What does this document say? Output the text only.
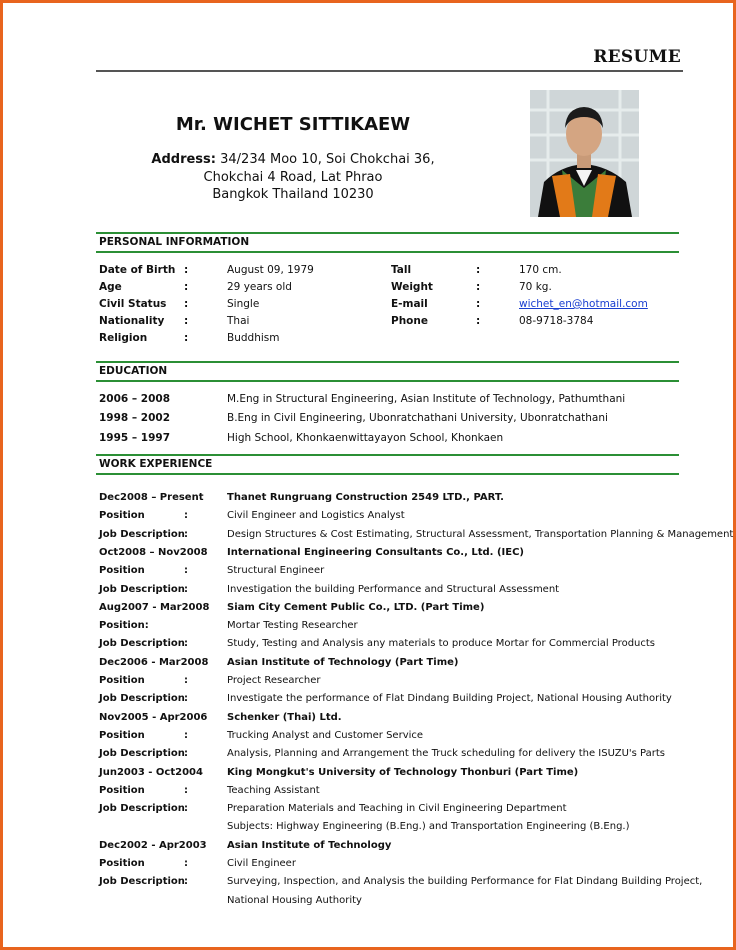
RESUME
Mr. WICHET SITTIKAEW
Address: 34/234 Moo 10, Soi Chokchai 36,
Chokchai 4 Road, Lat Phrao
Bangkok Thailand 10230
PERSONAL INFORMATION
Date of Birth :	August 09, 1979
Age	:	29 years old
Civil Status :	Single
Nationality :	Thai
Religion	:	Buddhism
Tall	:	170 cm.
Weight	:	70 kg.
E-mail	:	wichet_en@hotmail.com
Phone	:	08-9718-3784
EDUCATION
2006 – 2008	M.Eng in Structural Engineering, Asian Institute of Technology, Pathumthani
1998 – 2002	B.Eng in Civil Engineering, Ubonratchathani University, Ubonratchathani
1995 – 1997	High School, Khonkaenwittayayon School, Khonkaen
WORK EXPERIENCE
Dec2008 – Present Thanet Rungruang Construction 2549 LTD., PART.
Position	:	Civil Engineer and Logistics Analyst
Job Description :	Design Structures & Cost Estimating, Structural Assessment, Transportation Planning & Management
Oct2008 – Nov2008 International Engineering Consultants Co., Ltd. (IEC)
Position	:	Structural Engineer
Job Description :	Investigation the building Performance and Structural Assessment
Aug2007 - Mar2008 Siam City Cement Public Co., LTD. (Part Time)
Position:	Mortar Testing Researcher
Job Description :	Study, Testing and Analysis any materials to produce Mortar for Commercial Products
Dec2006 - Mar2008 Asian Institute of Technology (Part Time)
Position	:	Project Researcher
Job Description :	Investigate the performance of Flat Dindang Building Project, National Housing Authority
Nov2005 - Apr2006 Schenker (Thai) Ltd.
Position	:	Trucking Analyst and Customer Service
Job Description :	Analysis, Planning and Arrangement the Truck scheduling for delivery the ISUZU's Parts
Jun2003 - Oct2004 King Mongkut's University of Technology Thonburi (Part Time)
Position	:	Teaching Assistant
Job Description :	Preparation Materials and Teaching in Civil Engineering Department
Subjects: Highway Engineering (B.Eng.) and Transportation Engineering (B.Eng.)
Dec2002 - Apr2003 Asian Institute of Technology
Position	:	Civil Engineer
Job Description :	Surveying, Inspection, and Analysis the building Performance for Flat Dindang Building Project,
National Housing Authority
